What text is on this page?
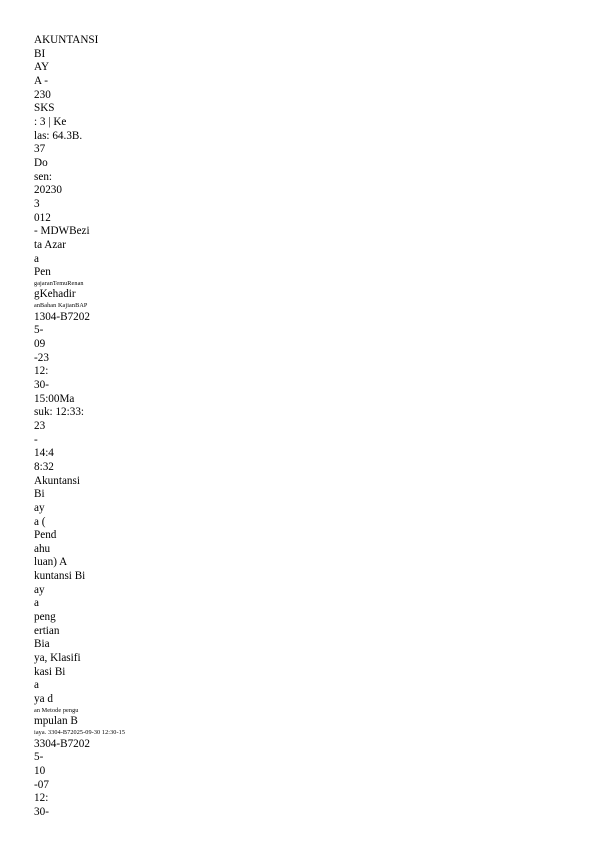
AKUNTANSI
BI
AY
A -
230
SKS
: 3 | Ke
las: 64.3B.
37
Do
sen:
20230
3
012
- MDWBezi
ta Azar
a
Pen
gajaranTemuRenan
gKehadir
anBahan KajianBAP
1304-B7202
5-
09
-23
12:
30-
15:00Ma
suk: 12:33:
23
-
14:4
8:32
Akuntansi
Bi
ay
a (
Pend
ahu
luan) A
kuntansi Bi
ay
a
peng
ertian
Bia
ya, Klasifi
kasi Bi
a
ya d
an Metode pengu
mpulan B
iaya. 3304-B72025-09-30 12:30-15
3304-B7202
5-
10
-07
12:
30-
